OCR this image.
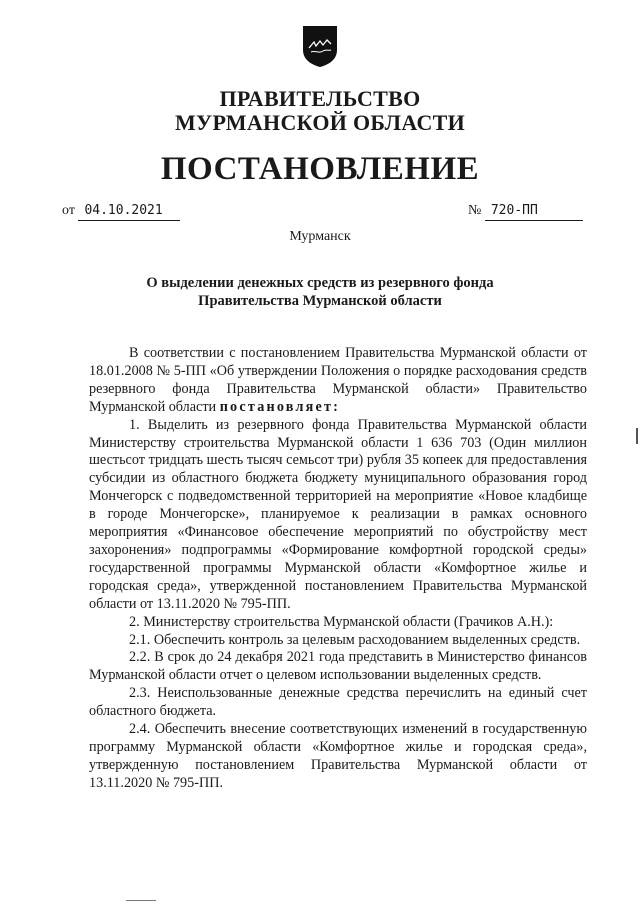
ПРАВИТЕЛЬСТВО
МУРМАНСКОЙ ОБЛАСТИ
ПОСТАНОВЛЕНИЕ
от 04.10.2021	№ 720-ПП
Мурманск
О выделении денежных средств из резервного фонда
Правительства Мурманской области

В соответствии с постановлением Правительства Мурманской области от 18.01.2008 № 5-ПП «Об утверждении Положения о порядке расходования средств резервного фонда Правительства Мурманской области» Правительство Мурманской области постановляет:

1. Выделить из резервного фонда Правительства Мурманской области Министерству строительства Мурманской области 1 636 703 (Один миллион шестьсот тридцать шесть тысяч семьсот три) рубля 35 копеек для предоставления субсидии из областного бюджета бюджету муниципального образования город Мончегорск с подведомственной территорией на мероприятие «Новое кладбище в городе Мончегорске», планируемое к реализации в рамках основного мероприятия «Финансовое обеспечение мероприятий по обустройству мест захоронения» подпрограммы «Формирование комфортной городской среды» государственной программы Мурманской области «Комфортное жилье и городская среда», утвержденной постановлением Правительства Мурманской области от 13.11.2020 № 795-ПП.

2. Министерству строительства Мурманской области (Грачиков А.Н.):

2.1. Обеспечить контроль за целевым расходованием выделенных средств.

2.2. В срок до 24 декабря 2021 года представить в Министерство финансов Мурманской области отчет о целевом использовании выделенных средств.

2.3. Неиспользованные денежные средства перечислить на единый счет областного бюджета.

2.4. Обеспечить внесение соответствующих изменений в государственную программу Мурманской области «Комфортное жилье и городская среда», утвержденную постановлением Правительства Мурманской области от 13.11.2020 № 795-ПП.
